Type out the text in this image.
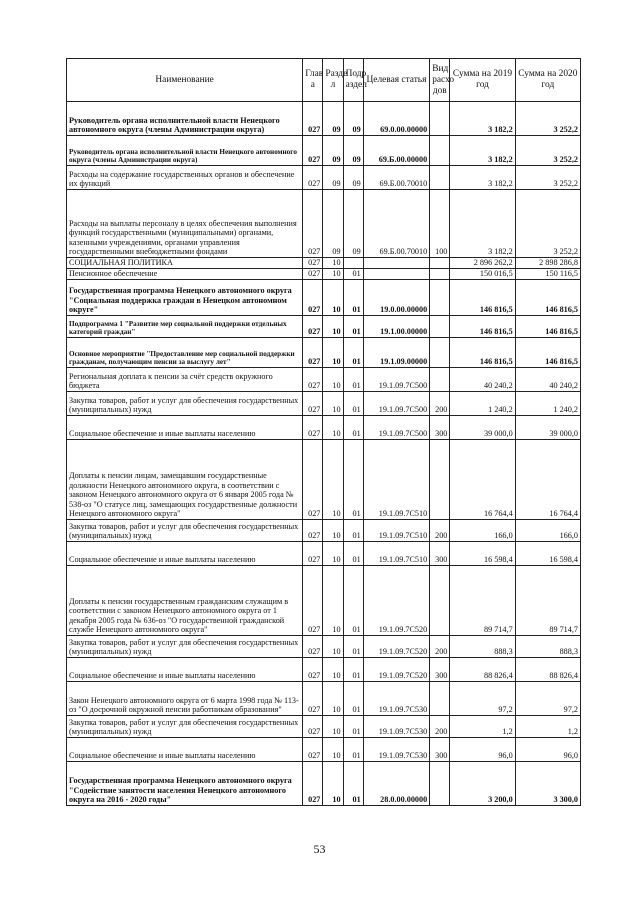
Наименование	Глав а	Разде л	Подр аздел	Целевая статья	Вид расхо дов	Сумма на 2019 год	Сумма на 2020 год
Руководитель органа исполнительной власти Ненецкого автономного округа (члены Администрации округа)	027	09	09	69.0.00.00000		3 182,2	3 252,2
Руководитель органа исполнительной власти Ненецкого автономного округа (члены Администрации округа)	027	09	09	69.Б.00.00000		3 182,2	3 252,2
Расходы на содержание государственных органов и обеспечение их функций	027	09	09	69.Б.00.70010		3 182,2	3 252,2
Расходы на выплаты персоналу в целях обеспечения выполнения функций государственными (муниципальными) органами, казенными учреждениями, органами управления государственными внебюджетными фондами	027	09	09	69.Б.00.70010	100	3 182,2	3 252,2
СОЦИАЛЬНАЯ ПОЛИТИКА	027	10				2 896 262,2	2 898 286,8
Пенсионное обеспечение	027	10	01			150 016,5	150 116,5
Государственная программа Ненецкого автономного округа "Социальная поддержка граждан в Ненецком автономном округе"	027	10	01	19.0.00.00000		146 816,5	146 816,5
Подпрограмма 1 "Развитие мер социальной поддержки отдельных категорий граждан"	027	10	01	19.1.00.00000		146 816,5	146 816,5
Основное мероприятие "Предоставление мер социальной поддержки гражданам, получающим пенсии за выслугу лет"	027	10	01	19.1.09.00000		146 816,5	146 816,5
Региональная доплата к пенсии за счёт средств окружного бюджета	027	10	01	19.1.09.7C500		40 240,2	40 240,2
Закупка товаров, работ и услуг для обеспечения государственных (муниципальных) нужд	027	10	01	19.1.09.7C500	200	1 240,2	1 240,2
Социальное обеспечение и иные выплаты населению	027	10	01	19.1.09.7C500	300	39 000,0	39 000,0
Доплаты к пенсии лицам, замещавшим государственные должности Ненецкого автономного округа, в соответствии с законом Ненецкого автономного округа от 6 января 2005 года № 538-оз "О статусе лиц, замещающих государственные должности Ненецкого автономного округа"	027	10	01	19.1.09.7C510		16 764,4	16 764,4
Закупка товаров, работ и услуг для обеспечения государственных (муниципальных) нужд	027	10	01	19.1.09.7C510	200	166,0	166,0
Социальное обеспечение и иные выплаты населению	027	10	01	19.1.09.7C510	300	16 598,4	16 598,4
Доплаты к пенсии государственным гражданским служащим в соответствии с законом Ненецкого автономного округа от 1 декабря 2005 года № 636-оз "О государственной гражданской службе Ненецкого автономного округа"	027	10	01	19.1.09.7C520		89 714,7	89 714,7
Закупка товаров, работ и услуг для обеспечения государственных (муниципальных) нужд	027	10	01	19.1.09.7C520	200	888,3	888,3
Социальное обеспечение и иные выплаты населению	027	10	01	19.1.09.7C520	300	88 826,4	88 826,4
Закон Ненецкого автономного округа от 6 марта 1998 года № 113-оз "О досрочной окружной пенсии работникам образования"	027	10	01	19.1.09.7C530		97,2	97,2
Закупка товаров, работ и услуг для обеспечения государственных (муниципальных) нужд	027	10	01	19.1.09.7C530	200	1,2	1,2
Социальное обеспечение и иные выплаты населению	027	10	01	19.1.09.7C530	300	96,0	96,0
Государственная программа Ненецкого автономного округа "Содействие занятости населения Ненецкого автономного округа на 2016 - 2020 годы"	027	10	01	28.0.00.00000		3 200,0	3 300,0
53
